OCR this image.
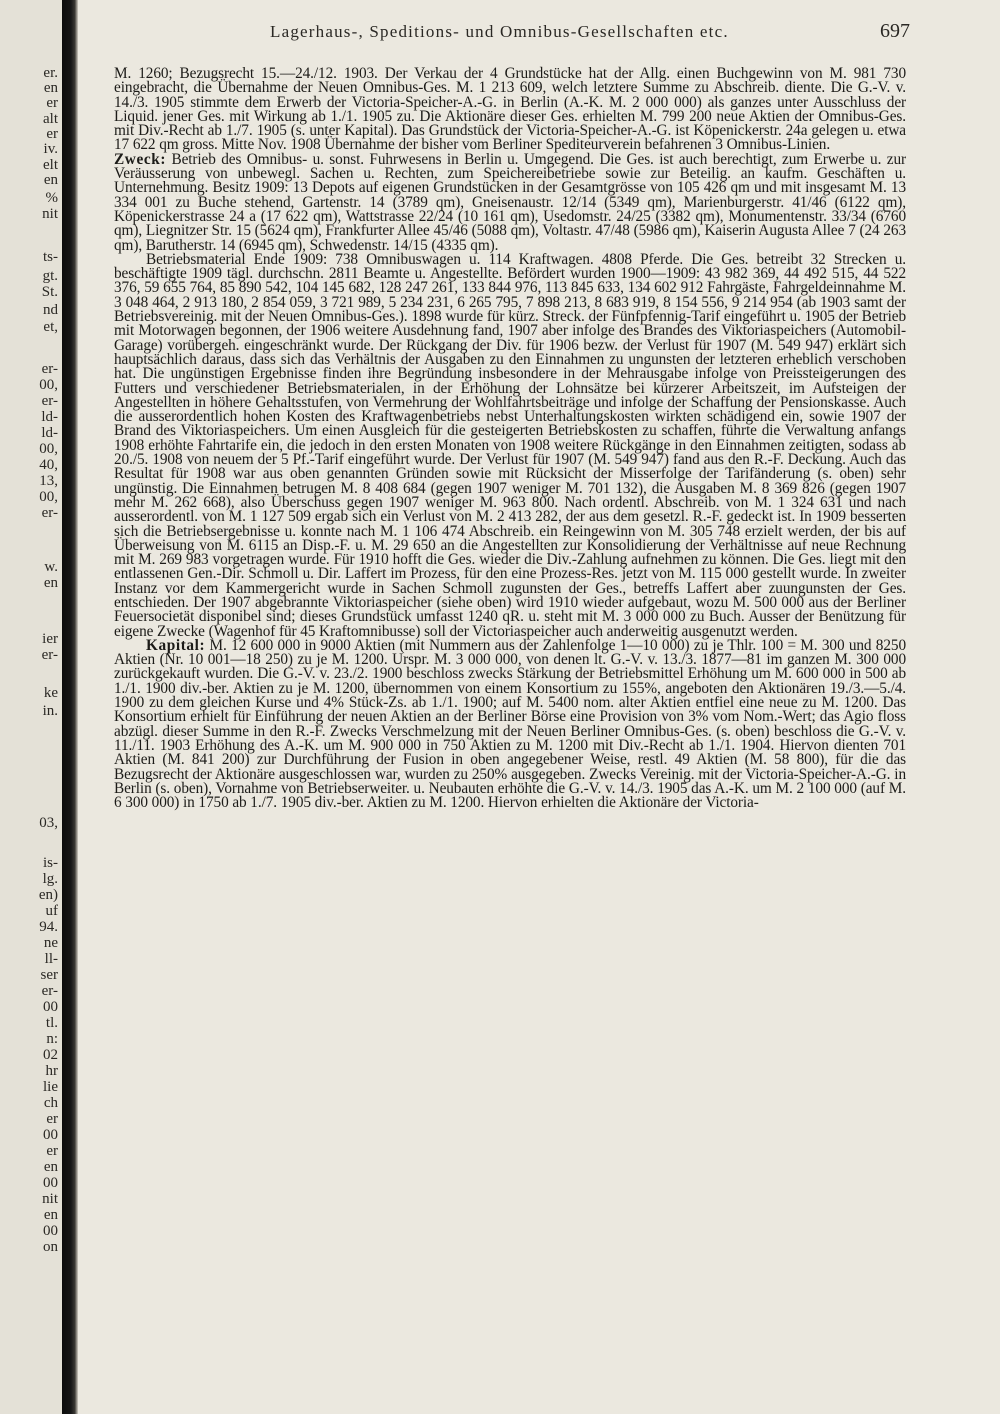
er.
en
er
alt
er
iv.
elt
en
%
nit
ts-
gt.
St.
nd
et,
er-
00,
er-
ld-
ld-
00,
40,
13,
00,
er-
w.
en
ier
er-
ke
in.
03,
is-
lg.
en)
uf
94.
ne
ll-
ser
er-
00
tl.
n:
02
hr
lie
ch
er
00
er
en
00
nit
en
00
on
Lagerhaus-, Speditions- und Omnibus-Gesellschaften etc.	697

M. 1260; Bezugsrecht 15.—24./12. 1903. Der Verkau der 4 Grundstücke hat der Allg. einen Buchgewinn von M. 981 730 eingebracht, die Übernahme der Neuen Omnibus-Ges. M. 1 213 609, welch letztere Summe zu Abschreib. diente. Die G.-V. v. 14./3. 1905 stimmte dem Erwerb der Victoria-Speicher-A.-G. in Berlin (A.-K. M. 2 000 000) als ganzes unter Ausschluss der Liquid. jener Ges. mit Wirkung ab 1./1. 1905 zu. Die Aktionäre dieser Ges. erhielten M. 799 200 neue Aktien der Omnibus-Ges. mit Div.-Recht ab 1./7. 1905 (s. unter Kapital). Das Grundstück der Victoria-Speicher-A.-G. ist Köpenickerstr. 24a gelegen u. etwa 17 622 qm gross. Mitte Nov. 1908 Übernahme der bisher vom Berliner Spediteurverein befahrenen 3 Omnibus-Linien.

Zweck: Betrieb des Omnibus- u. sonst. Fuhrwesens in Berlin u. Umgegend. Die Ges. ist auch berechtigt, zum Erwerbe u. zur Veräusserung von unbewegl. Sachen u. Rechten, zum Speichereibetriebe sowie zur Beteilig. an kaufm. Geschäften u. Unternehmung. Besitz 1909: 13 Depots auf eigenen Grundstücken in der Gesamtgrösse von 105 426 qm und mit insgesamt M. 13 334 001 zu Buche stehend, Gartenstr. 14 (3789 qm), Gneisenaustr. 12/14 (5349 qm), Marienburgerstr. 41/46 (6122 qm), Köpenickerstrasse 24 a (17 622 qm), Wattstrasse 22/24 (10 161 qm), Usedomstr. 24/25 (3382 qm), Monumentenstr. 33/34 (6760 qm), Liegnitzer Str. 15 (5624 qm), Frankfurter Allee 45/46 (5088 qm), Voltastr. 47/48 (5986 qm), Kaiserin Augusta Allee 7 (24 263 qm), Barutherstr. 14 (6945 qm), Schwedenstr. 14/15 (4335 qm).

Betriebsmaterial Ende 1909: 738 Omnibuswagen u. 114 Kraftwagen. 4808 Pferde. Die Ges. betreibt 32 Strecken u. beschäftigte 1909 tägl. durchschn. 2811 Beamte u. Angestellte. Befördert wurden 1900—1909: 43 982 369, 44 492 515, 44 522 376, 59 655 764, 85 890 542, 104 145 682, 128 247 261, 133 844 976, 113 845 633, 134 602 912 Fahrgäste, Fahrgeldeinnahme M. 3 048 464, 2 913 180, 2 854 059, 3 721 989, 5 234 231, 6 265 795, 7 898 213, 8 683 919, 8 154 556, 9 214 954 (ab 1903 samt der Betriebsvereinig. mit der Neuen Omnibus-Ges.). 1898 wurde für kürz. Streck. der Fünfpfennig-Tarif eingeführt u. 1905 der Betrieb mit Motorwagen begonnen, der 1906 weitere Ausdehnung fand, 1907 aber infolge des Brandes des Viktoriaspeichers (Automobil-Garage) vorübergeh. eingeschränkt wurde. Der Rückgang der Div. für 1906 bezw. der Verlust für 1907 (M. 549 947) erklärt sich hauptsächlich daraus, dass sich das Verhältnis der Ausgaben zu den Einnahmen zu ungunsten der letzteren erheblich verschoben hat. Die ungünstigen Ergebnisse finden ihre Begründung insbesondere in der Mehrausgabe infolge von Preissteigerungen des Futters und verschiedener Betriebsmaterialen, in der Erhöhung der Lohnsätze bei kürzerer Arbeitszeit, im Aufsteigen der Angestellten in höhere Gehaltsstufen, von Vermehrung der Wohlfahrtsbeiträge und infolge der Schaffung der Pensionskasse. Auch die ausserordentlich hohen Kosten des Kraftwagenbetriebs nebst Unterhaltungskosten wirkten schädigend ein, sowie 1907 der Brand des Viktoriaspeichers. Um einen Ausgleich für die gesteigerten Betriebskosten zu schaffen, führte die Verwaltung anfangs 1908 erhöhte Fahrtarife ein, die jedoch in den ersten Monaten von 1908 weitere Rückgänge in den Einnahmen zeitigten, sodass ab 20./5. 1908 von neuem der 5 Pf.-Tarif eingeführt wurde. Der Verlust für 1907 (M. 549 947) fand aus den R.-F. Deckung. Auch das Resultat für 1908 war aus oben genannten Gründen sowie mit Rücksicht der Misserfolge der Tarifänderung (s. oben) sehr ungünstig. Die Einnahmen betrugen M. 8 408 684 (gegen 1907 weniger M. 701 132), die Ausgaben M. 8 369 826 (gegen 1907 mehr M. 262 668), also Überschuss gegen 1907 weniger M. 963 800. Nach ordentl. Abschreib. von M. 1 324 631 und nach ausserordentl. von M. 1 127 509 ergab sich ein Verlust von M. 2 413 282, der aus dem gesetzl. R.-F. gedeckt ist. In 1909 besserten sich die Betriebsergebnisse u. konnte nach M. 1 106 474 Abschreib. ein Reingewinn von M. 305 748 erzielt werden, der bis auf Überweisung von M. 6115 an Disp.-F. u. M. 29 650 an die Angestellten zur Konsolidierung der Verhältnisse auf neue Rechnung mit M. 269 983 vorgetragen wurde. Für 1910 hofft die Ges. wieder die Div.-Zahlung aufnehmen zu können. Die Ges. liegt mit den entlassenen Gen.-Dir. Schmoll u. Dir. Laffert im Prozess, für den eine Prozess-Res. jetzt von M. 115 000 gestellt wurde. In zweiter Instanz vor dem Kammergericht wurde in Sachen Schmoll zugunsten der Ges., betreffs Laffert aber zuungunsten der Ges. entschieden. Der 1907 abgebrannte Viktoriaspeicher (siehe oben) wird 1910 wieder aufgebaut, wozu M. 500 000 aus der Berliner Feuersocietät disponibel sind; dieses Grundstück umfasst 1240 qR. u. steht mit M. 3 000 000 zu Buch. Ausser der Benützung für eigene Zwecke (Wagenhof für 45 Kraftomnibusse) soll der Victoriaspeicher auch anderweitig ausgenutzt werden.

Kapital: M. 12 600 000 in 9000 Aktien (mit Nummern aus der Zahlenfolge 1—10 000) zu je Thlr. 100 = M. 300 und 8250 Aktien (Nr. 10 001—18 250) zu je M. 1200. Urspr. M. 3 000 000, von denen lt. G.-V. v. 13./3. 1877—81 im ganzen M. 300 000 zurückgekauft wurden. Die G.-V. v. 23./2. 1900 beschloss zwecks Stärkung der Betriebsmittel Erhöhung um M. 600 000 in 500 ab 1./1. 1900 div.-ber. Aktien zu je M. 1200, übernommen von einem Konsortium zu 155%, angeboten den Aktionären 19./3.—5./4. 1900 zu dem gleichen Kurse und 4% Stück-Zs. ab 1./1. 1900; auf M. 5400 nom. alter Aktien entfiel eine neue zu M. 1200. Das Konsortium erhielt für Einführung der neuen Aktien an der Berliner Börse eine Provision von 3% vom Nom.-Wert; das Agio floss abzügl. dieser Summe in den R.-F. Zwecks Verschmelzung mit der Neuen Berliner Omnibus-Ges. (s. oben) beschloss die G.-V. v. 11./11. 1903 Erhöhung des A.-K. um M. 900 000 in 750 Aktien zu M. 1200 mit Div.-Recht ab 1./1. 1904. Hiervon dienten 701 Aktien (M. 841 200) zur Durchführung der Fusion in oben angegebener Weise, restl. 49 Aktien (M. 58 800), für die das Bezugsrecht der Aktionäre ausgeschlossen war, wurden zu 250% ausgegeben. Zwecks Vereinig. mit der Victoria-Speicher-A.-G. in Berlin (s. oben), Vornahme von Betriebserweiter. u. Neubauten erhöhte die G.-V. v. 14./3. 1905 das A.-K. um M. 2 100 000 (auf M. 6 300 000) in 1750 ab 1./7. 1905 div.-ber. Aktien zu M. 1200. Hiervon erhielten die Aktionäre der Victoria-
